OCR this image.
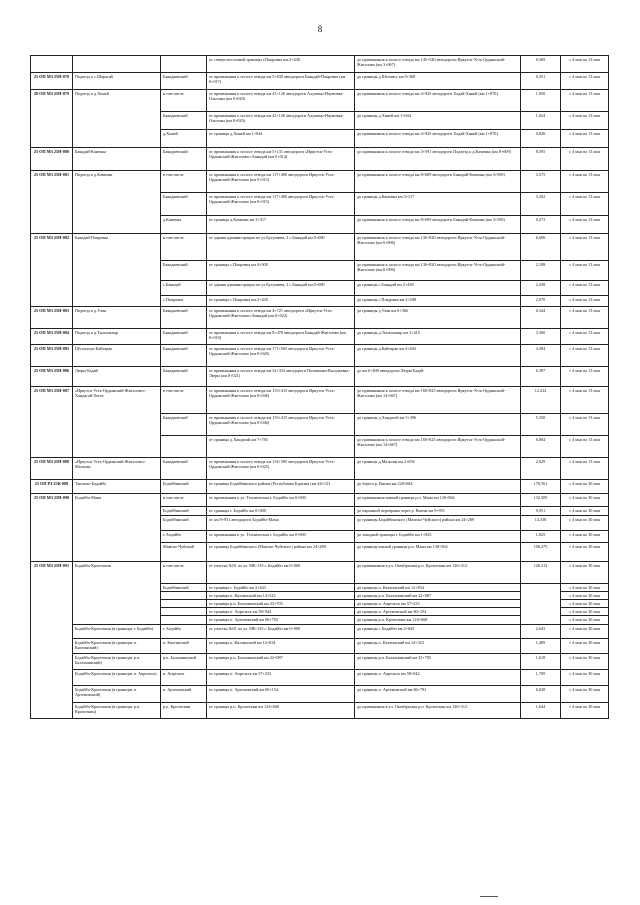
8
			от северо-восточной границы г.Покровка км 2+438	до примыкания к полосе отвода км 145+540 автодороги Иркутск-Усть-Ордынский-Жигалово (км 3+067)	0,369	с 4 мая по 13 мая
25 ОП МЗ 25Н-078	Подъезд к с.Шарагай	Баяндаевский	от примыкания к полосе отвода км 5+630 автодороги Баяндай-Покровка (км 0+017)	до границы д.Шеханту км 0+368	0,351	с 4 мая по 13 мая
28 ОП МЗ 25Н-079	Подъезд к д.Хиней	в том числе	от примыкания к полосе отвода км 41+120 автодороги Алужино-Наумовка-Ользоны (км 0+020)	до примыкания к полосе отвода км 4+925 автодороги Хадай-Хиней (км 1+870)	1,850	с 4 мая по 13 мая
		Баяндаевский	от примыкания к полосе отвода км 41+120 автодороги Алужино-Наумовка-Ользоны (км 0+020)	до границы д.Хиней км 1+044	1,024	с 4 мая по 13 мая
		д.Хиней	от границы д.Хиней км 1+044	до примыкания к полосе отвода км 4+925 автодороги Хадай-Хиней (км 1+870)	0,826	с 4 мая по 13 мая
25 ОП МЗ 25Н-080	Баяндай-Каменка	Баяндаевский	от примыкания к полосе отвода км 5+131 автодороги «Иркутск-Усть-Ордынский-Жигалово»-Баяндай (км 0+014)	до примыкания к полосе отвода км 3+591 автодороги Подъезд к д.Каменка (км 8+609)	8,595	с 4 мая по 13 мая
25 ОП МЗ 25Н-081	Подъезд к д.Каменка	в том числе	от примыкания к полосе отвода км 117+400 автодороги Иркутск-Усть-Ордынский-Жигалово (км 0+015)	до примыкания к полосе отвода км 8+609 автодороги Баяндай-Каменка (км 3+590)	3,575	с 4 мая по 13 мая
		Баяндаевский	от примыкания к полосе отвода км 117+400 автодороги Иркутск-Усть-Ордынский-Жигалово (км 0+015)	до границы д.Каменка км 3+317	3,302	с 4 мая по 13 мая
		д.Каменка	от границы д.Каменка км 3+317	до примыкания к полосе отвода км 8+609 автодороги Баяндай-Каменка (км 3+590)	0,273	с 4 мая по 13 мая
25 ОП МЗ 25Н-082	Баяндай-Покровка	в том числе	от здания администрации по ул.Бутунаева, 2 с.Баяндай км 0+000	до примыкания к полосе отвода км 136+820 автодороги Иркутск-Усть-Ордынский-Жигалово (км 6+696)	6,696	с 4 мая по 13 мая
		Баяндаевский	от границы с.Покровка км 4+508	до примыкания к полосе отвода км 136+820 автодороги Иркутск-Усть-Ордынский-Жигалово (км 6+696)	2,188	с 4 мая по 13 мая
		с.Баяндай	от здания администрации по ул.Бутунаева, 2 с.Баяндай км 0+000	до границы с.Баяндай км 2+438	2,438	с 4 мая по 13 мая
		с.Покровка	от границы с.Покровка км 2+438	до границы с.Покровка км 4+508	2,070	с 4 мая по 13 мая
25 ОП МЗ 25Н-083	Подъезд к д.Улан	Баяндаевский	от примыкания к полосе отвода км 4+721 автодороги «Иркутск-Усть-Ордынский-Жигалово»-Баяндай (км 0+022)	до границы д.Улан км 0+366	0,344	с 4 мая по 13 мая
25 ОП МЗ 25Н-084	Подъезд к д.Тыльхызыр	Баяндаевский	от примыкания к полосе отвода км 8+478 автодороги Баяндай-Жигалово (км 0+010)	до границы д.Тыльхызыр км 3+410	3,300	с 4 мая по 13 мая
25 ОП МЗ 25Н-085	Шутхылук-Кайтарак	Баяндаевский	от примыкания к полосе отвода км 171+565 автодороги Иркутск-Усть-Ордынский-Жигалово (км 0+020)	до границы д.Кайтарак км 4+404	4,384	с 4 мая по 13 мая
25 ОП МЗ 25Н-086	Люры-Бадай	Баяндаевский	от примыкания к полосе отвода км 32+352 автодороги Половинка-Васильевка-Люры (км 0+021)	до км 6+408 автодороги Люры-Бадай	6,387	с 4 мая по 13 мая
25 ОП МЗ 25Н-087	«Иркутск-Усть-Ордынский-Жигалово»-Хандагай-Хогот	в том числе	от примыкания к полосе отвода км 155+415 автодороги Иркутск-Усть-Ордынский-Жигалово (км 0+046)	до примыкания к полосе отвода км 160+825 автодороги Иркутск-Усть-Ордынский-Жигалово (км 14+667)	12,234	с 4 мая по 13 мая
		Баяндаевский	от примыкания к полосе отвода км 155+415 автодороги Иркутск-Усть-Ордынский-Жигалово (км 0+046)	до границы д.Хандагай км 5+396	5,350	с 4 мая по 13 мая
			от границы д.Хандагай км 7+783	до примыкания к полосе отвода км 160+825 автодороги Иркутск-Усть-Ордынский-Жигалово (км 14+667)	6,884	с 4 мая по 13 мая
25 ОП МЗ 25Н-088	«Иркутск-Усть-Ордынский-Жигалово»-Мальтан	Баяндаевский	от примыкания к полосе отвода км 132+385 автодороги Иркутск-Усть-Ордынский-Жигалово (км 0+025)	до границы д.Мальтан км 2+654	2,629	с 4 мая по 13 мая
25 ОП РЗ 25К-089	Таксимо-Бодайбо	Бодайбинский	от границы Бодайбинского района (Республики Бурятия) км 44+123	до берега р. Витим км 220+684	176,561	с 4 мая по 30 мая
25 ОП МЗ 25Н-090	Бодайбо-Мама	в том числе	от примыкания к ул. Теплическая г. Бодайбо км 0+000	до примыкания южной границы р.п. Мама км 130+864	132,309	с 4 мая по 30 мая
		Бодайбинский	от границы г. Бодайбо км 0+000	до паромной переправы через р. Витим км 9+951	9,951	с 4 мая по 30 мая
		Бодайбинский	от км 9+951 автодороги Бодайбо-Мама	до границы Бодайбинского (Мамско-Чуйского) района км 24+289	14,338	с 4 мая по 30 мая
		г. Бодайбо	от примыкания к ул. Теплическая г. Бодайбо км 0+000	до западной границы г. Бодайбо км 1+825	1,825	с 4 мая по 30 мая
		Мамско-Чуйский	от границы Бодайбинского (Мамско-Чуйского) района км 24+289	до границы южной границы р.п. Мама км 130+564	106,275	с 4 мая по 30 мая
25 ОП МЗ 25Н-091	Бодайбо-Кропоткин	в том числе	от участка №91 по ул. МК-135 г. Бодайбо км 0+000	до примыкания к ул. Октябрьская р.п. Кропоткин км 126+312	126,312	с 4 мая по 30 мая
		Бодайбинский	от границы г. Бодайбо км 2+643	до границы п. Кяхтинский км 12+834		с 4 мая по 30 мая
			от границы п. Кяхтинский км 14+323	до границы р.п. Балахнинский км 22+087		с 4 мая по 30 мая
			от границы р.п. Балахнинский км 23+705	до границы п. Апрельск км 57+233		с 4 мая по 30 мая
			от границы п. Апрельск км 58+942	до границы п. Артемовский км 60+154		с 4 мая по 30 мая
			от границы п. Артемовский км 66+792	до границы р.п. Кропоткин км 124+668		с 4 мая по 30 мая
	Бодайбо-Кропоткин (в границах г. Бодайбо)	г. Бодайбо	от участка №91 по ул. МК-135 г. Бодайбо км 0+000	до границы г. Бодайбо км 2+643	2,643	с 4 мая по 30 мая
	Бодайбо-Кропоткин (в границах п. Кяхтинский)	п. Кяхтинский	от границы п. Кяхтинский км 12+834	до границы п. Кяхтинский км 14+323	1,489	с 4 мая по 30 мая
	Бодайбо-Кропоткин (в границах р.п. Балахнинский)	р.п. Балахнинский	от границы р.п. Балахнинский км 22+087	до границы р.п. Балахнинский км 23+705	1,618	с 4 мая по 30 мая
	Бодайбо-Кропоткин (в границах п. Апрельск)	п. Апрельск	от границы п. Апрельск км 57+233	до границы п. Апрельск км 58+942	1,709	с 4 мая по 30 мая
	Бодайбо-Кропоткин (в границах п. Артемовский)	п. Артемовский	от границы п. Артемовский км 60+154	до границы п. Артемовский км 66+792	6,638	с 4 мая по 30 мая
	Бодайбо-Кропоткин (в границах р.п. Кропоткин)	р.п. Кропоткин	от границы р.п. Кропоткин км 124+668	до примыкания к ул. Октябрьская р.п. Кропоткин км 126+312	1,644	с 4 мая по 30 мая
